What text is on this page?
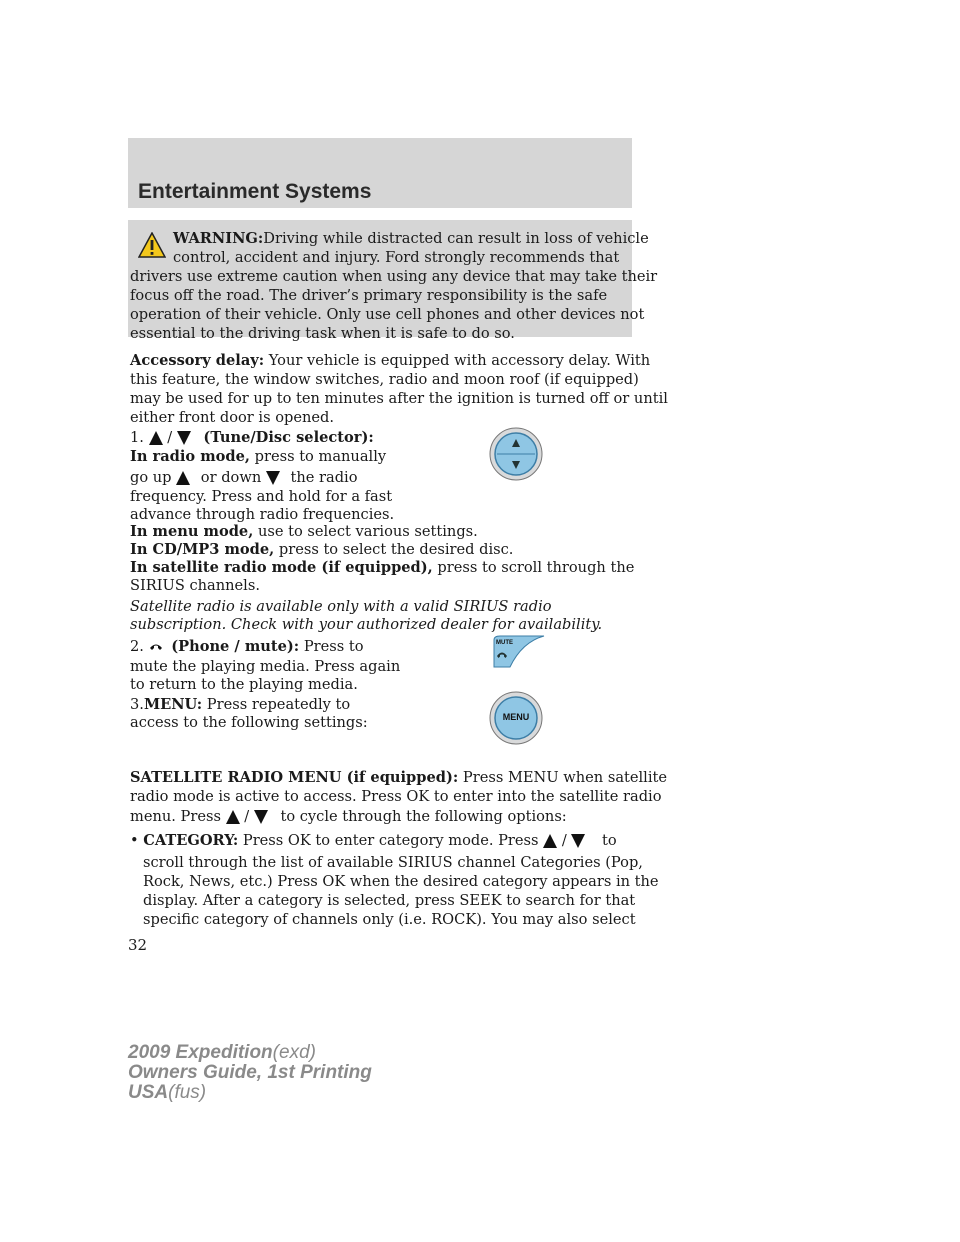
Entertainment Systems
WARNING:Driving while distracted can result in loss of vehicle
control, accident and injury. Ford strongly recommends that
drivers use extreme caution when using any device that may take their
focus off the road. The driver’s primary responsibility is the safe
operation of their vehicle. Only use cell phones and other devices not
essential to the driving task when it is safe to do so.
Accessory delay: Your vehicle is equipped with accessory delay. With
this feature, the window switches, radio and moon roof (if equipped)
may be used for up to ten minutes after the ignition is turned off or until
either front door is opened.
1. / (Tune/Disc selector):
In radio mode, press to manually
go up or down the radio
frequency. Press and hold for a fast
advance through radio frequencies.
In menu mode, use to select various settings.
In CD/MP3 mode, press to select the desired disc.
In satellite radio mode (if equipped), press to scroll through the
SIRIUS channels.
Satellite radio is available only with a valid SIRIUS radio
subscription. Check with your authorized dealer for availability.
2. (Phone / mute): Press to
mute the playing media. Press again
to return to the playing media.
MUTE
3.MENU: Press repeatedly to
access to the following settings:	MENU
SATELLITE RADIO MENU (if equipped): Press MENU when satellite
radio mode is active to access. Press OK to enter into the satellite radio
menu. Press / to cycle through the following options:
• CATEGORY: Press OK to enter category mode. Press / to
scroll through the list of available SIRIUS channel Categories (Pop,
Rock, News, etc.) Press OK when the desired category appears in the
display. After a category is selected, press SEEK to search for that
specific category of channels only (i.e. ROCK). You may also select
32
2009 Expedition(exd)
Owners Guide, 1st Printing
USA(fus)
